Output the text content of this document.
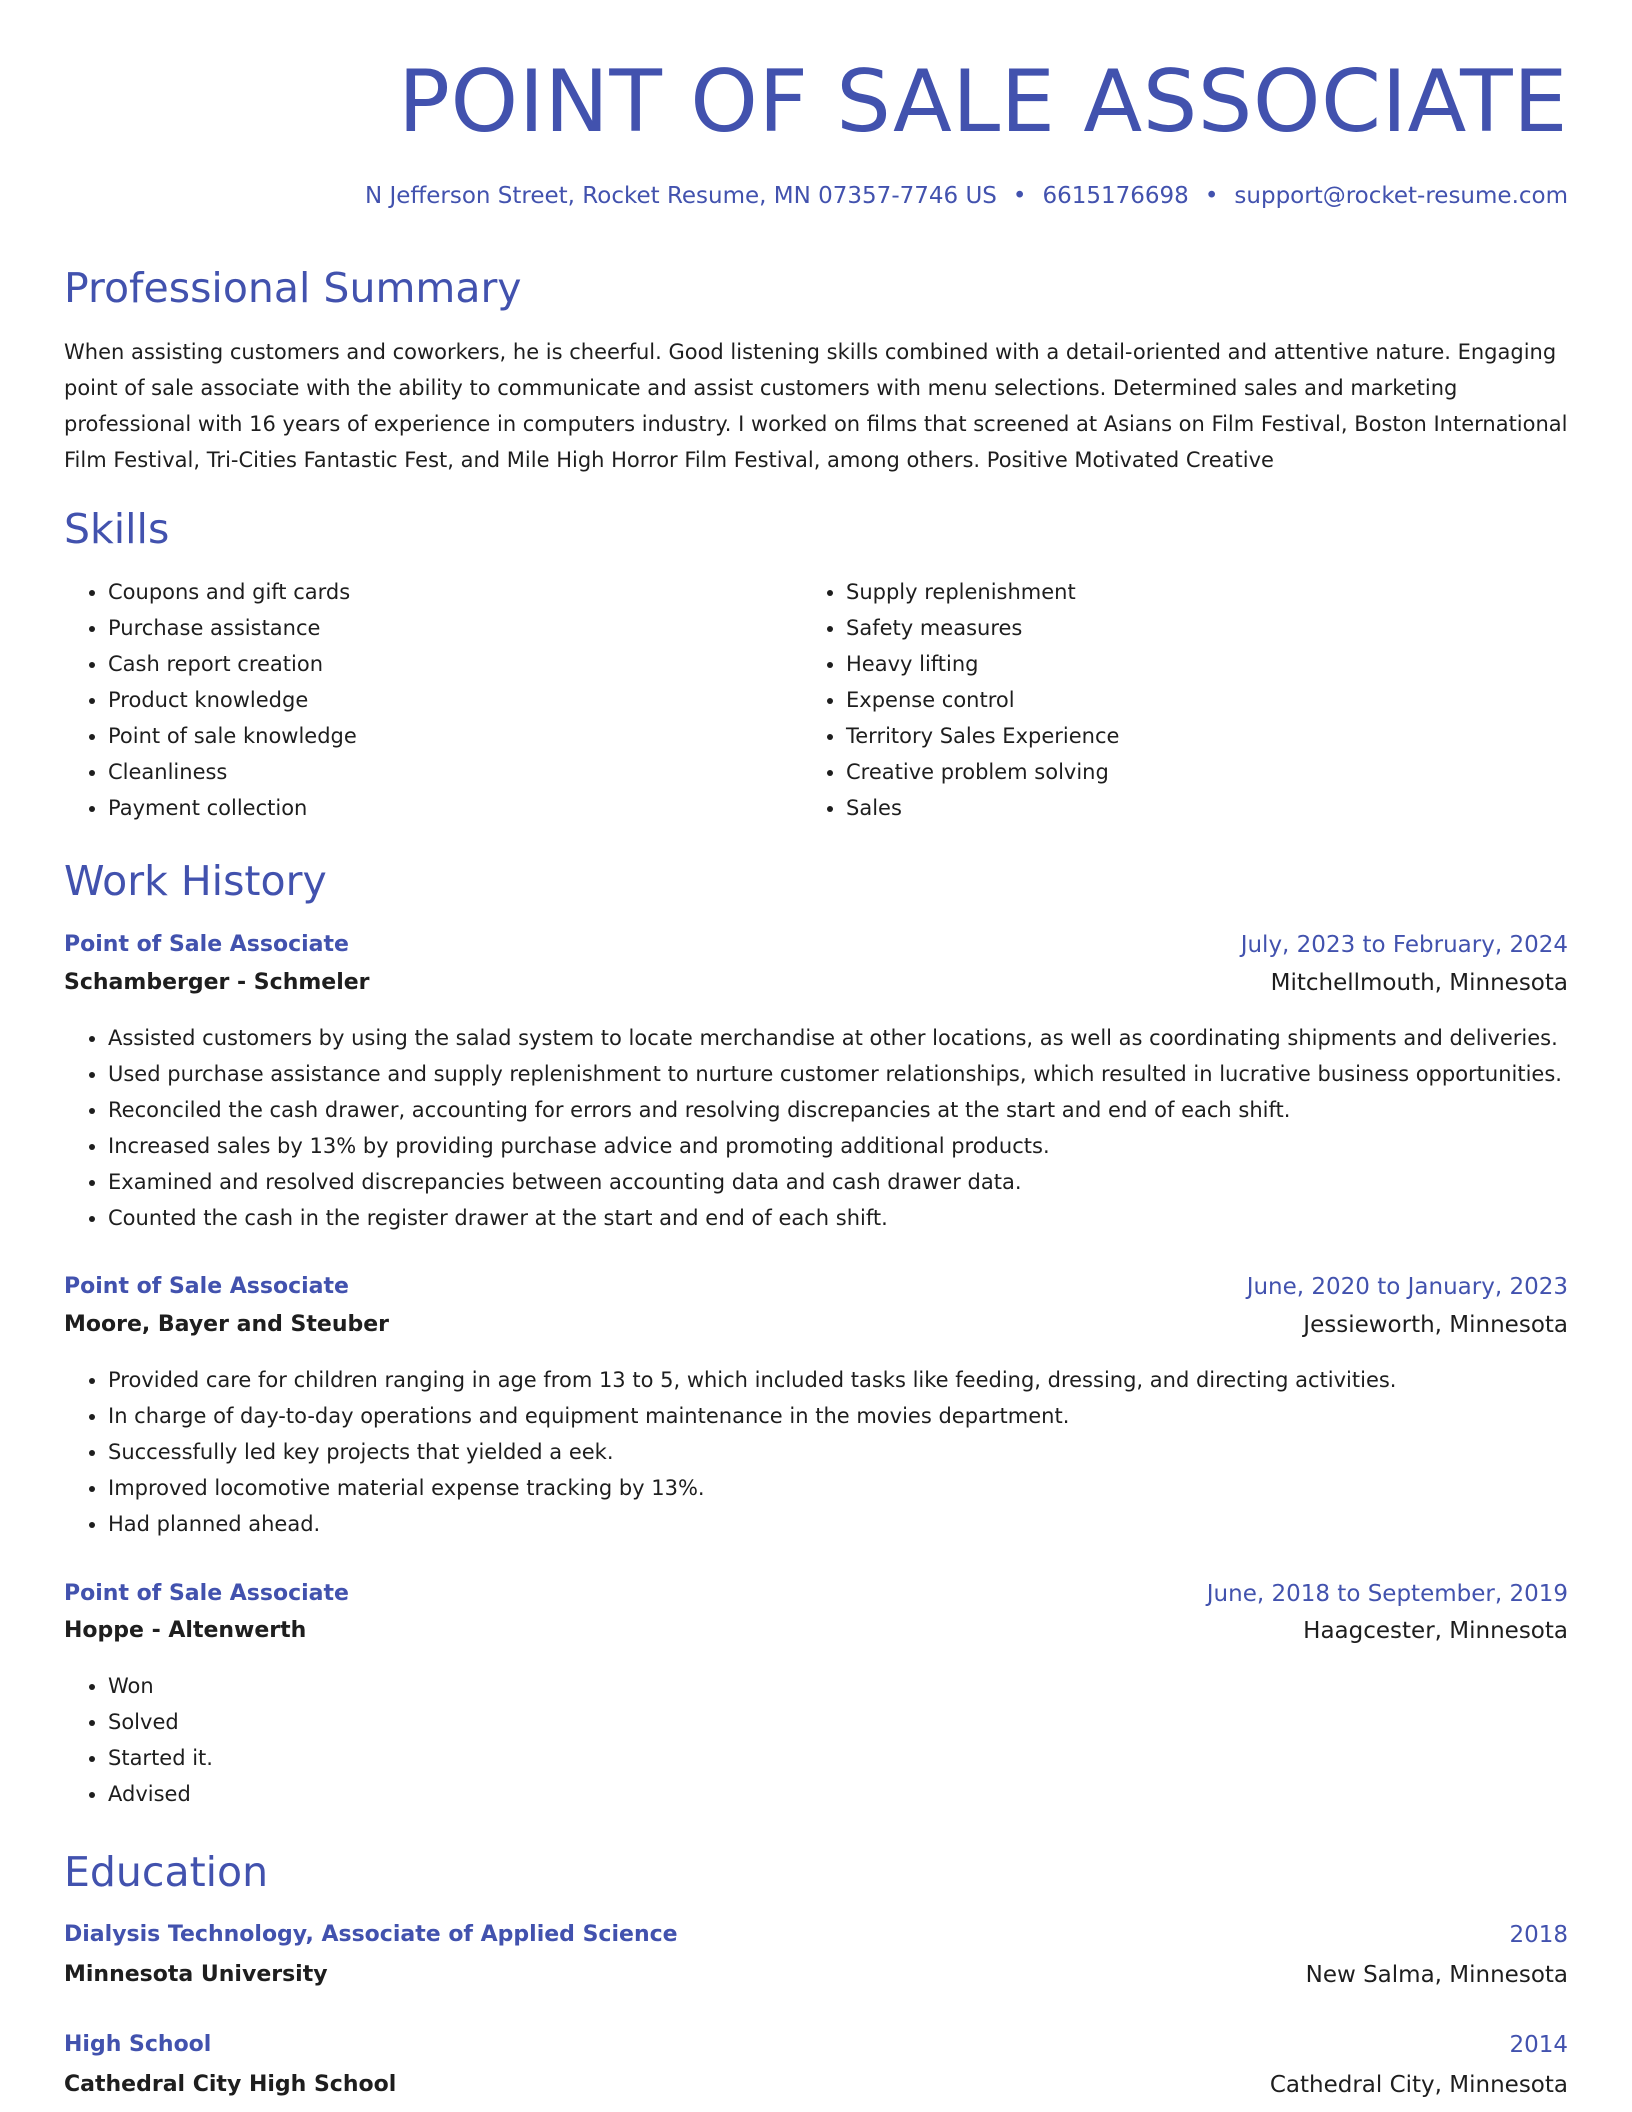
POINT OF SALE ASSOCIATE
N Jefferson Street, Rocket Resume, MN 07357-7746 US • 6615176698 • support@rocket-resume.com
Professional Summary

When assisting customers and coworkers, he is cheerful. Good listening skills combined with a detail-oriented and attentive nature. Engaging point of sale associate with the ability to communicate and assist customers with menu selections. Determined sales and marketing professional with 16 years of experience in computers industry. I worked on films that screened at Asians on Film Festival, Boston International Film Festival, Tri-Cities Fantastic Fest, and Mile High Horror Film Festival, among others. Positive Motivated Creative

Skills
• Coupons and gift cards
• Purchase assistance
• Cash report creation
• Product knowledge
• Point of sale knowledge
• Cleanliness
• Payment collection
• Supply replenishment
• Safety measures
• Heavy lifting
• Expense control
• Territory Sales Experience
• Creative problem solving
• Sales
Work History
Point of Sale Associate	July, 2023 to February, 2024
Schamberger - Schmeler	Mitchellmouth, Minnesota
• Assisted customers by using the salad system to locate merchandise at other locations, as well as coordinating shipments and deliveries.
• Used purchase assistance and supply replenishment to nurture customer relationships, which resulted in lucrative business opportunities.
• Reconciled the cash drawer, accounting for errors and resolving discrepancies at the start and end of each shift.
• Increased sales by 13% by providing purchase advice and promoting additional products.
• Examined and resolved discrepancies between accounting data and cash drawer data.
• Counted the cash in the register drawer at the start and end of each shift.
Point of Sale Associate	June, 2020 to January, 2023
Moore, Bayer and Steuber	Jessieworth, Minnesota
• Provided care for children ranging in age from 13 to 5, which included tasks like feeding, dressing, and directing activities.
• In charge of day-to-day operations and equipment maintenance in the movies department.
• Successfully led key projects that yielded a eek.
• Improved locomotive material expense tracking by 13%.
• Had planned ahead.
Point of Sale Associate	June, 2018 to September, 2019
Hoppe - Altenwerth	Haagcester, Minnesota
• Won
• Solved
• Started it.
• Advised
Education
Dialysis Technology, Associate of Applied Science	2018
Minnesota University	New Salma, Minnesota
High School	2014
Cathedral City High School	Cathedral City, Minnesota
